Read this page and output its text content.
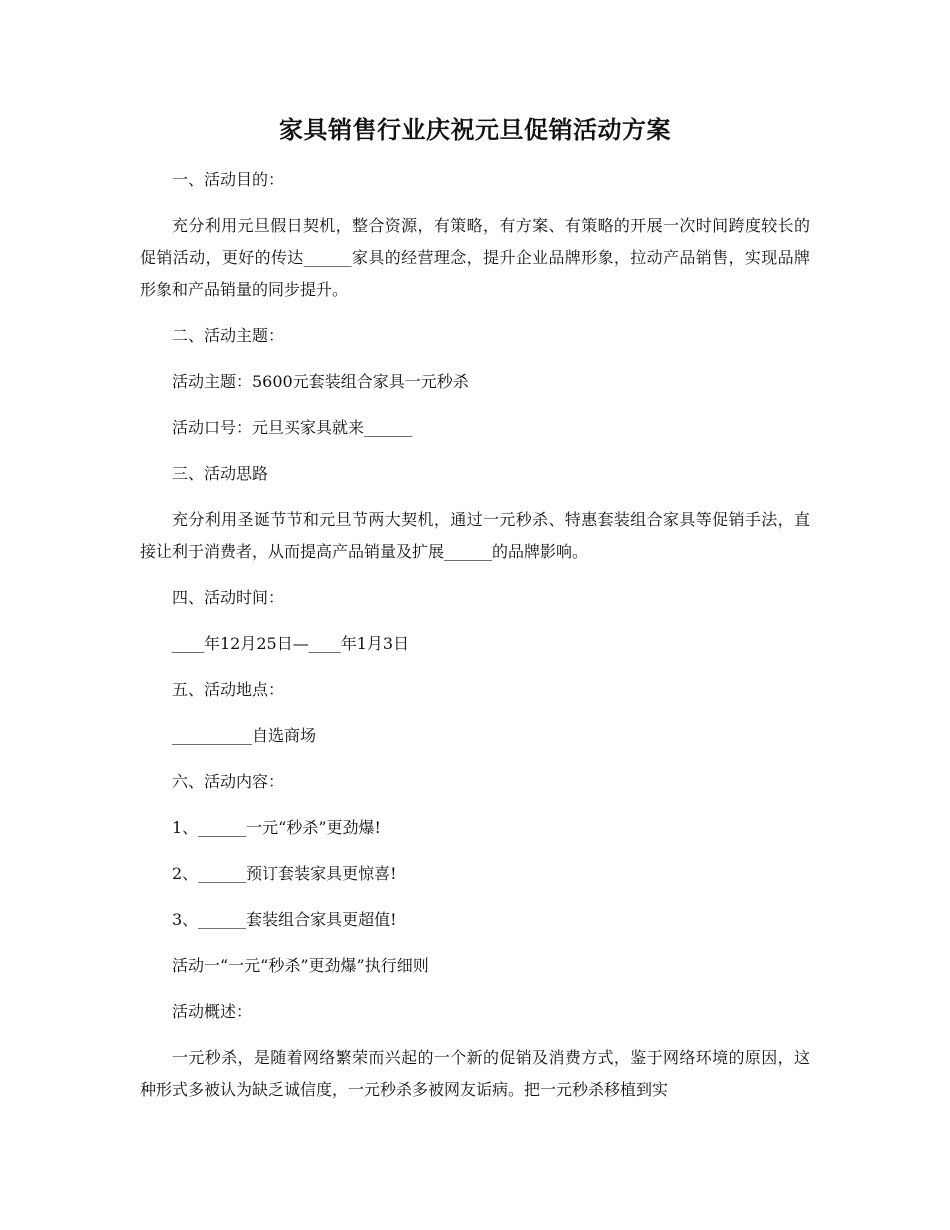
家具销售行业庆祝元旦促销活动方案
一、活动目的：
充分利用元旦假日契机，整合资源，有策略，有方案、有策略的开展一次时间跨度较长的促销活动，更好的传达______家具的经营理念，提升企业品牌形象，拉动产品销售，实现品牌形象和产品销量的同步提升。
二、活动主题：
活动主题：5600元套装组合家具一元秒杀
活动口号：元旦买家具就来______
三、活动思路
充分利用圣诞节节和元旦节两大契机，通过一元秒杀、特惠套装组合家具等促销手法，直接让利于消费者，从而提高产品销量及扩展______的品牌影响。
四、活动时间：
____年12月25日—____年1月3日
五、活动地点：
__________自选商场
六、活动内容：
1、______一元“秒杀”更劲爆!
2、______预订套装家具更惊喜!
3、______套装组合家具更超值!
活动一“一元“秒杀”更劲爆”执行细则
活动概述：
一元秒杀，是随着网络繁荣而兴起的一个新的促销及消费方式，鉴于网络环境的原因，这种形式多被认为缺乏诚信度，一元秒杀多被网友诟病。把一元秒杀移植到实
